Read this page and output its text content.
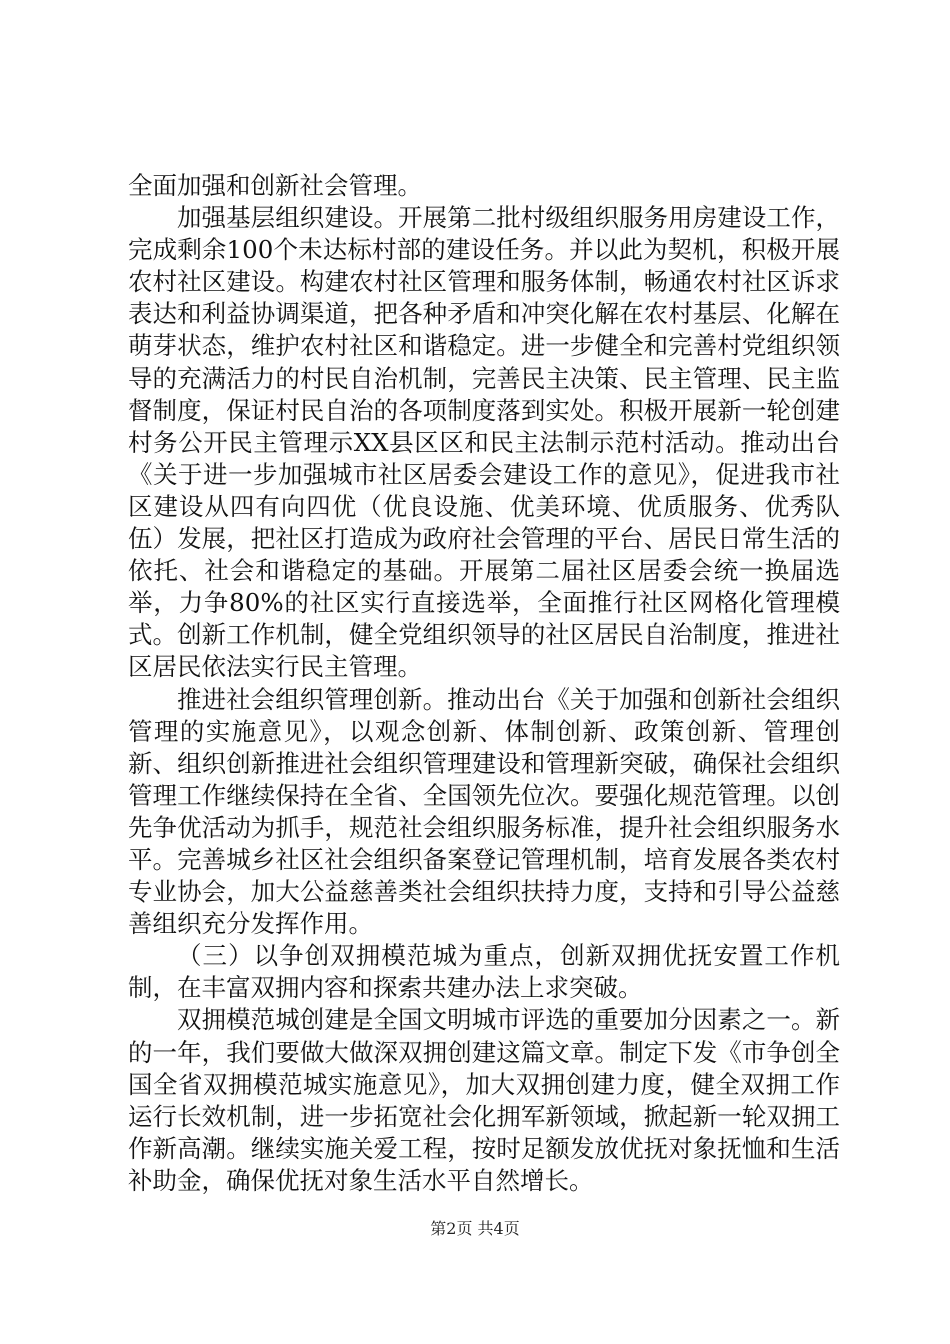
全面加强和创新社会管理。

加强基层组织建设。开展第二批村级组织服务用房建设工作，完成剩余100个未达标村部的建设任务。并以此为契机，积极开展农村社区建设。构建农村社区管理和服务体制，畅通农村社区诉求表达和利益协调渠道，把各种矛盾和冲突化解在农村基层、化解在萌芽状态，维护农村社区和谐稳定。进一步健全和完善村党组织领导的充满活力的村民自治机制，完善民主决策、民主管理、民主监督制度，保证村民自治的各项制度落到实处。积极开展新一轮创建村务公开民主管理示XX县区区和民主法制示范村活动。推动出台《关于进一步加强城市社区居委会建设工作的意见》，促进我市社区建设从四有向四优（优良设施、优美环境、优质服务、优秀队伍）发展，把社区打造成为政府社会管理的平台、居民日常生活的依托、社会和谐稳定的基础。开展第二届社区居委会统一换届选举，力争80%的社区实行直接选举，全面推行社区网格化管理模式。创新工作机制，健全党组织领导的社区居民自治制度，推进社区居民依法实行民主管理。

推进社会组织管理创新。推动出台《关于加强和创新社会组织管理的实施意见》，以观念创新、体制创新、政策创新、管理创新、组织创新推进社会组织管理建设和管理新突破，确保社会组织管理工作继续保持在全省、全国领先位次。要强化规范管理。以创先争优活动为抓手，规范社会组织服务标准，提升社会组织服务水平。完善城乡社区社会组织备案登记管理机制，培育发展各类农村专业协会，加大公益慈善类社会组织扶持力度，支持和引导公益慈善组织充分发挥作用。

（三）以争创双拥模范城为重点，创新双拥优抚安置工作机制，在丰富双拥内容和探索共建办法上求突破。

双拥模范城创建是全国文明城市评选的重要加分因素之一。新的一年，我们要做大做深双拥创建这篇文章。制定下发《市争创全国全省双拥模范城实施意见》，加大双拥创建力度，健全双拥工作运行长效机制，进一步拓宽社会化拥军新领域，掀起新一轮双拥工作新高潮。继续实施关爱工程，按时足额发放优抚对象抚恤和生活补助金，确保优抚对象生活水平自然增长。

第2页 共4页
